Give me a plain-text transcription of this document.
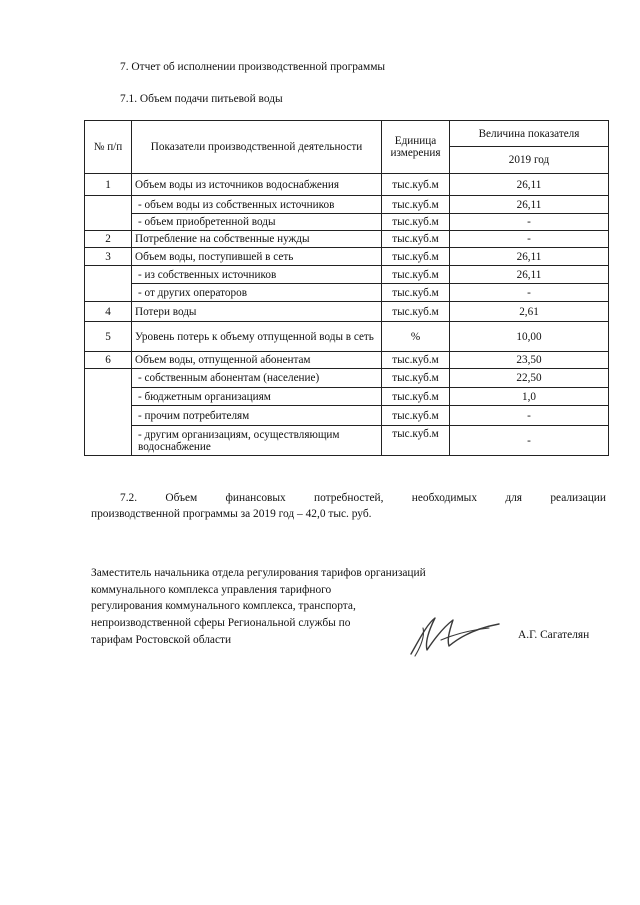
7. Отчет об исполнении производственной программы
7.1. Объем подачи питьевой воды
№ п/п	Показатели производственной деятельности	Единица измерения	Величина показателя
			2019 год
1	Объем воды из источников водоснабжения	тыс.куб.м	26,11
	- объем воды из собственных источников	тыс.куб.м	26,11
	- объем приобретенной воды	тыс.куб.м	-
2	Потребление на собственные нужды	тыс.куб.м	-
3	Объем воды, поступившей в сеть	тыс.куб.м	26,11
	- из собственных источников	тыс.куб.м	26,11
	- от других операторов	тыс.куб.м	-
4	Потери воды	тыс.куб.м	2,61
5	Уровень потерь к объему отпущенной воды в сеть	%	10,00
6	Объем воды, отпущенной абонентам	тыс.куб.м	23,50
	- собственным абонентам (население)	тыс.куб.м	22,50
	- бюджетным организациям	тыс.куб.м	1,0
	- прочим потребителям	тыс.куб.м	-
	- другим организациям, осуществляющим водоснабжение	тыс.куб.м	-

7.2. Объем финансовых потребностей, необходимых для реализации
производственной программы за 2019 год – 42,0 тыс. руб.

Заместитель начальника отдела регулирования тарифов организаций
коммунального комплекса управления тарифного
регулирования коммунального комплекса, транспорта,
непроизводственной сферы Региональной службы по
тарифам Ростовской области	А.Г. Сагателян
